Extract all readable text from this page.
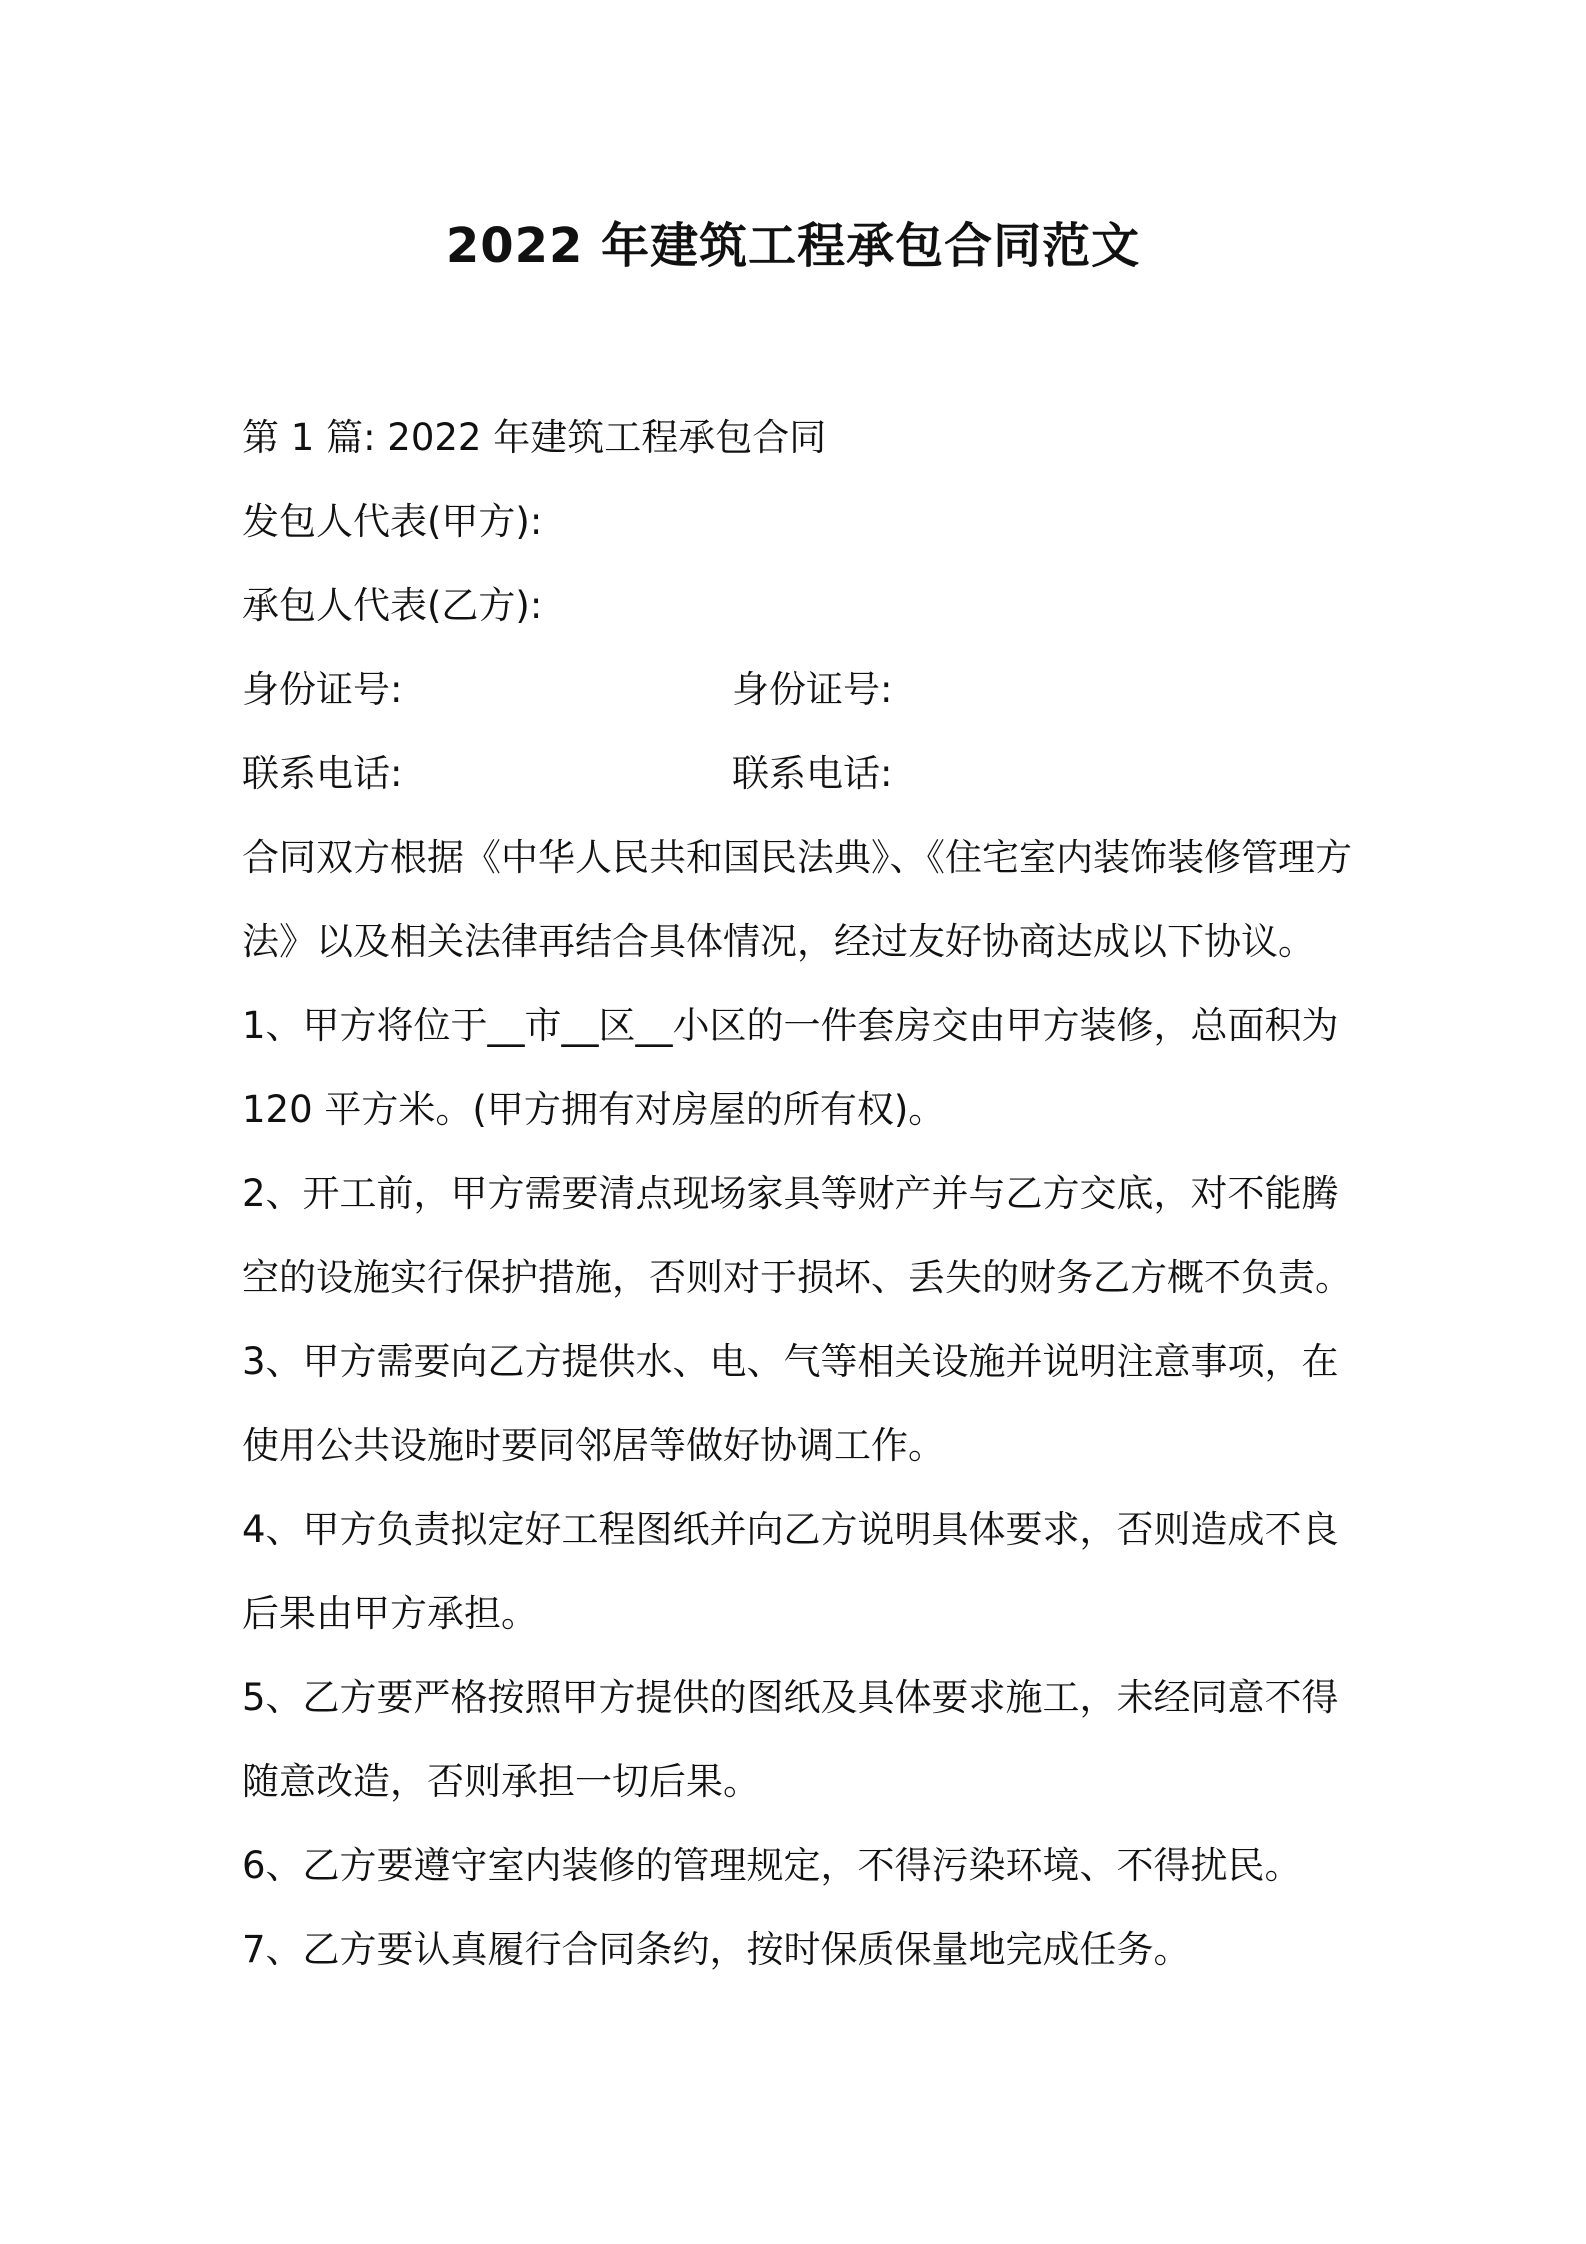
2022 年建筑工程承包合同范文
第 1 篇: 2022 年建筑工程承包合同
发包人代表(甲方):
承包人代表(乙方):
身份证号:	身份证号:
联系电话:	联系电话:
合同双方根据《中华人民共和国民法典》、《住宅室内装饰装修管理方
法》以及相关法律再结合具体情况，经过友好协商达成以下协议。
1、甲方将位于__市__区__小区的一件套房交由甲方装修，总面积为
120 平方米。(甲方拥有对房屋的所有权)。
2、开工前，甲方需要清点现场家具等财产并与乙方交底，对不能腾
空的设施实行保护措施，否则对于损坏、丢失的财务乙方概不负责。
3、甲方需要向乙方提供水、电、气等相关设施并说明注意事项，在
使用公共设施时要同邻居等做好协调工作。
4、甲方负责拟定好工程图纸并向乙方说明具体要求，否则造成不良
后果由甲方承担。
5、乙方要严格按照甲方提供的图纸及具体要求施工，未经同意不得
随意改造，否则承担一切后果。
6、乙方要遵守室内装修的管理规定，不得污染环境、不得扰民。
7、乙方要认真履行合同条约，按时保质保量地完成任务。
